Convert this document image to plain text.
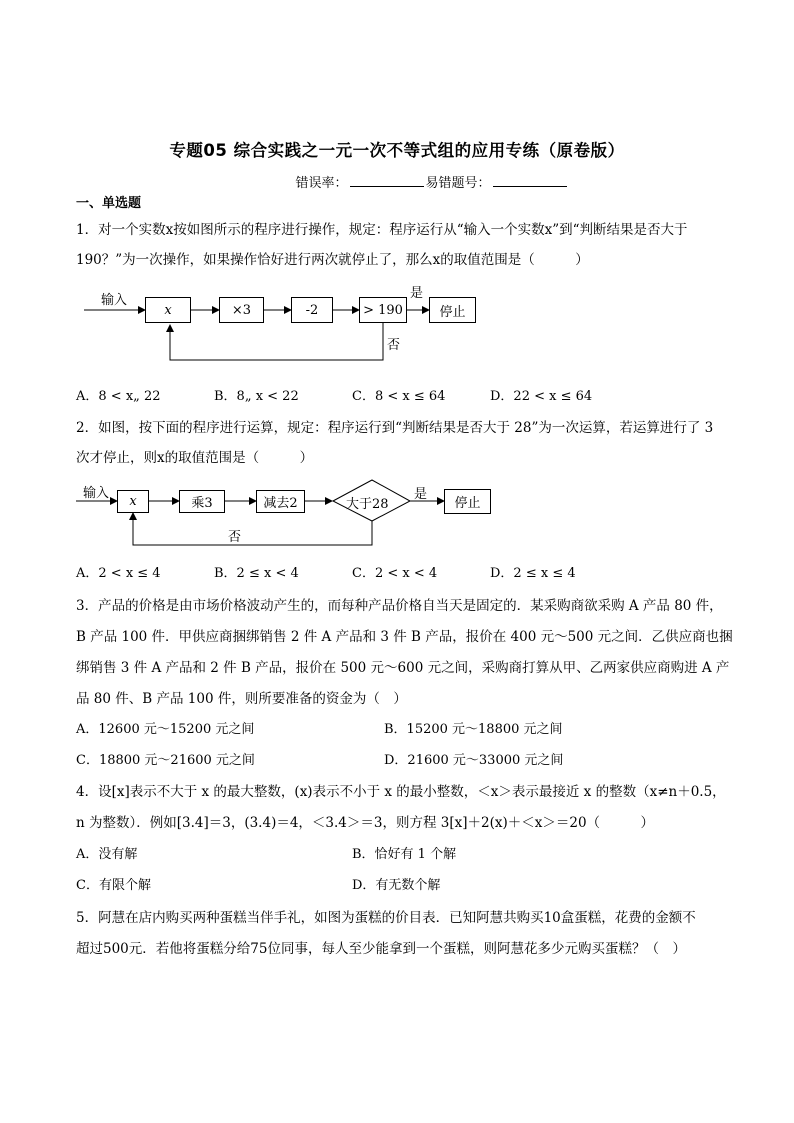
专题05 综合实践之一元一次不等式组的应用专练（原卷版）
错误率：	易错题号：
一、单选题
1．对一个实数x按如图所示的程序进行操作，规定：程序运行从“输入一个实数x”到“判断结果是否大于
190？”为一次操作，如果操作恰好进行两次就停止了，那么x的取值范围是（　　　）
输入
x	×3	-2	> 190	停止
是
否
A．8 < x„ 22	B．8„ x < 22	C．8 < x ≤ 64	D．22 < x ≤ 64
2．如图，按下面的程序进行运算，规定：程序运行到“判断结果是否大于 28”为一次运算，若运算进行了 3
次才停止，则x的取值范围是（　　　）
输入
x	乘3	减去2	大于28	停止
是
否
A．2 < x ≤ 4	B．2 ≤ x < 4	C．2 < x < 4	D．2 ≤ x ≤ 4
3．产品的价格是由市场价格波动产生的，而每种产品价格自当天是固定的．某采购商欲采购 A 产品 80 件，
B 产品 100 件．甲供应商捆绑销售 2 件 A 产品和 3 件 B 产品，报价在 400 元～500 元之间．乙供应商也捆
绑销售 3 件 A 产品和 2 件 B 产品，报价在 500 元～600 元之间，采购商打算从甲、乙两家供应商购进 A 产
品 80 件、B 产品 100 件，则所要准备的资金为（　）
A．12600 元～15200 元之间	B．15200 元～18800 元之间
C．18800 元～21600 元之间	D．21600 元～33000 元之间
4．设[x]表示不大于 x 的最大整数，(x)表示不小于 x 的最小整数，＜x＞表示最接近 x 的整数（x≠n＋0.5，
n 为整数）．例如[3.4]＝3，(3.4)＝4，＜3.4＞＝3，则方程 3[x]＋2(x)＋＜x＞＝20（　　　）
A．没有解	B．恰好有 1 个解
C．有限个解	D．有无数个解
5．阿慧在店内购买两种蛋糕当伴手礼，如图为蛋糕的价目表．已知阿慧共购买10盒蛋糕，花费的金额不
超过500元．若他将蛋糕分给75位同事，每人至少能拿到一个蛋糕，则阿慧花多少元购买蛋糕？（　）
